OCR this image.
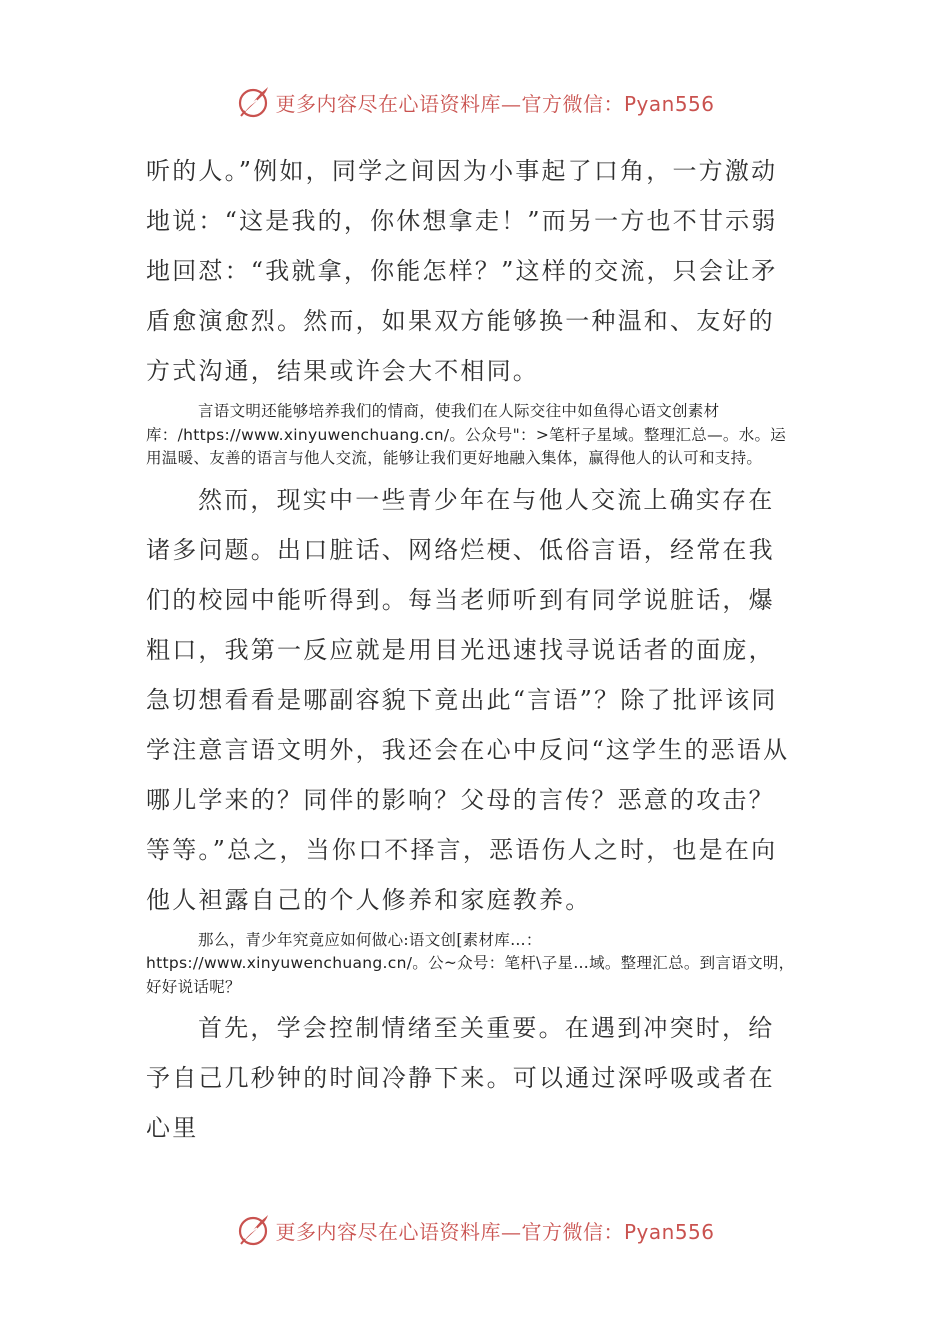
更多内容尽在心语资料库—官方微信：Pyan556

听的人。”例如，同学之间因为小事起了口角，一方激动地说：“这是我的，你休想拿走！”而另一方也不甘示弱地回怼：“我就拿，你能怎样？”这样的交流，只会让矛盾愈演愈烈。然而，如果双方能够换一种温和、友好的方式沟通，结果或许会大不相同。

言语文明还能够培养我们的情商，使我们在人际交往中如鱼得心语文创素材库：/https://www.xinyuwenchuang.cn/。公众号"：>笔杆子星域。整理汇总—。水。运用温暖、友善的语言与他人交流，能够让我们更好地融入集体，赢得他人的认可和支持。

然而，现实中一些青少年在与他人交流上确实存在诸多问题。出口脏话、网络烂梗、低俗言语，经常在我们的校园中能听得到。每当老师听到有同学说脏话，爆粗口，我第一反应就是用目光迅速找寻说话者的面庞，急切想看看是哪副容貌下竟出此“言语”？除了批评该同学注意言语文明外，我还会在心中反问“这学生的恶语从哪儿学来的？同伴的影响？父母的言传？恶意的攻击？等等。”总之，当你口不择言，恶语伤人之时，也是在向他人袒露自己的个人修养和家庭教养。

那么，青少年究竟应如何做心:语文创[素材库…：https://www.xinyuwenchuang.cn/。公~众号：笔杆\子星…域。整理汇总。到言语文明，好好说话呢？

首先，学会控制情绪至关重要。在遇到冲突时，给予自己几秒钟的时间冷静下来。可以通过深呼吸或者在心里

更多内容尽在心语资料库—官方微信：Pyan556
